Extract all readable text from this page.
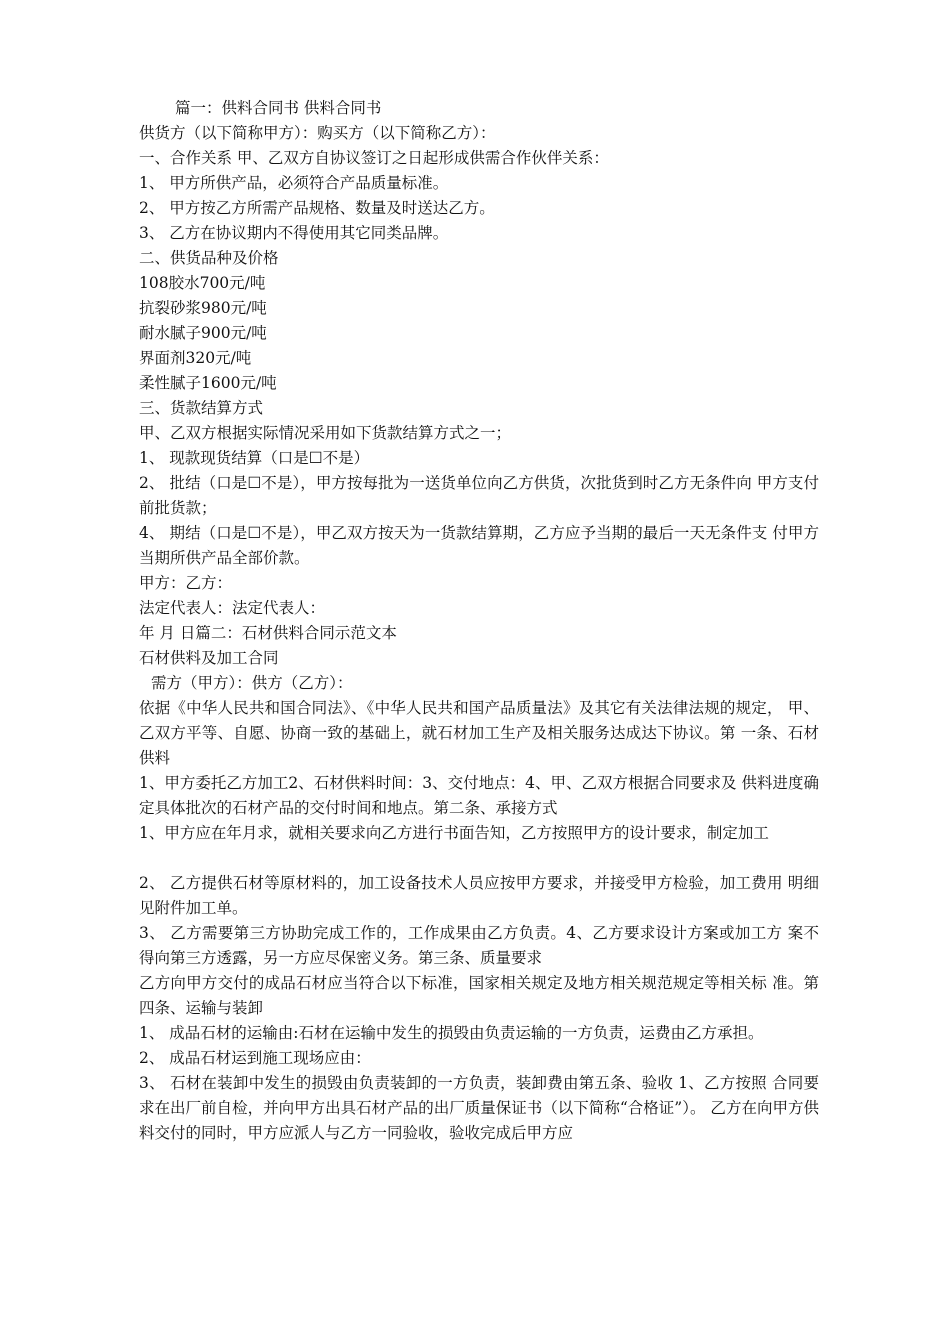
篇一：供料合同书 供料合同书

供货方（以下简称甲方）：购买方（以下简称乙方）：

一、合作关系 甲、乙双方自协议签订之日起形成供需合作伙伴关系：

1、 甲方所供产品，必须符合产品质量标准。

2、 甲方按乙方所需产品规格、数量及时送达乙方。

3、 乙方在协议期内不得使用其它同类品牌。

二、供货品种及价格

108胶水700元/吨

抗裂砂浆980元/吨

耐水腻子900元/吨

界面剂320元/吨

柔性腻子1600元/吨

三、货款结算方式

甲、乙双方根据实际情况采用如下货款结算方式之一；

1、 现款现货结算（口是☐不是）

2、 批结（口是☐不是），甲方按每批为一送货单位向乙方供货，次批货到时乙方无条件向 甲方支付前批货款；

4、 期结（口是☐不是），甲乙双方按天为一货款结算期，乙方应予当期的最后一天无条件支 付甲方当期所供产品全部价款。

甲方：乙方：

法定代表人：法定代表人：

年 月 日篇二：石材供料合同示范文本

石材供料及加工合同

需方（甲方）：供方（乙方）：

依据《中华人民共和国合同法》、《中华人民共和国产品质量法》及其它有关法律法规的规定， 甲、乙双方平等、自愿、协商一致的基础上，就石材加工生产及相关服务达成达下协议。第 一条、石材供料

1、甲方委托乙方加工2、石材供料时间：3、交付地点：4、甲、乙双方根据合同要求及 供料进度确定具体批次的石材产品的交付时间和地点。第二条、承接方式

1、甲方应在年月求，就相关要求向乙方进行书面告知，乙方按照甲方的设计要求，制定加工

2、 乙方提供石材等原材料的，加工设备技术人员应按甲方要求，并接受甲方检验，加工费用 明细见附件加工单。

3、 乙方需要第三方协助完成工作的，工作成果由乙方负责。4、乙方要求设计方案或加工方 案不得向第三方透露，另一方应尽保密义务。第三条、质量要求

乙方向甲方交付的成品石材应当符合以下标准，国家相关规定及地方相关规范规定等相关标 准。第四条、运输与装卸

1、 成品石材的运输由:石材在运输中发生的损毁由负责运输的一方负责，运费由乙方承担。

2、 成品石材运到施工现场应由：

3、 石材在装卸中发生的损毁由负责装卸的一方负责，装卸费由第五条、验收 1、乙方按照 合同要求在出厂前自检，并向甲方出具石材产品的出厂质量保证书（以下简称“合格证”）。 乙方在向甲方供料交付的同时，甲方应派人与乙方一同验收，验收完成后甲方应
